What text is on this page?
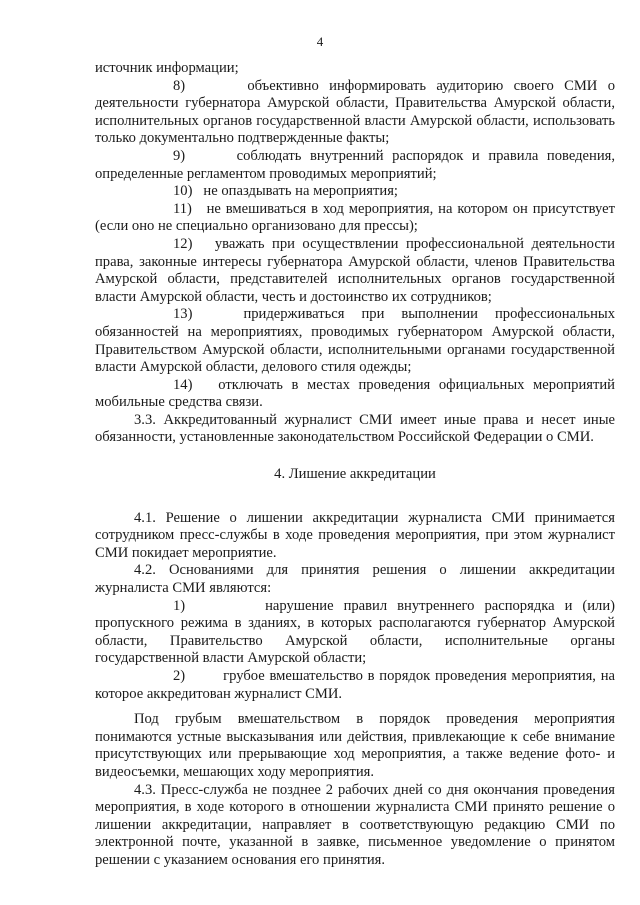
4

источник информации;

8)	объективно информировать аудиторию своего СМИ о деятельности губернатора Амурской области, Правительства Амурской области, исполнительных органов государственной власти Амурской области, использовать только документально подтвержденные факты;

9)	соблюдать внутренний распорядок и правила поведения, определенные регламентом проводимых мероприятий;

10) не опаздывать на мероприятия;

11) не вмешиваться в ход мероприятия, на котором он присутствует (если оно не специально организовано для прессы);

12) уважать при осуществлении профессиональной деятельности права, законные интересы губернатора Амурской области, членов Правительства Амурской области, представителей исполнительных органов государственной власти Амурской области, честь и достоинство их сотрудников;

13)	придерживаться при выполнении профессиональных обязанностей на мероприятиях, проводимых губернатором Амурской области, Правительством Амурской области, исполнительными органами государственной власти Амурской области, делового стиля одежды;

14) отключать в местах проведения официальных мероприятий мобильные средства связи.

3.3. Аккредитованный журналист СМИ имеет иные права и несет иные обязанности, установленные законодательством Российской Федерации о СМИ.

4. Лишение аккредитации

4.1. Решение о лишении аккредитации журналиста СМИ принимается сотрудником пресс-службы в ходе проведения мероприятия, при этом журналист СМИ покидает мероприятие.

4.2. Основаниями для принятия решения о лишении аккредитации журналиста СМИ являются:

1)	нарушение правил внутреннего распорядка и (или) пропускного режима в зданиях, в которых располагаются губернатор Амурской области, Правительство Амурской области, исполнительные органы государственной власти Амурской области;

2)	грубое вмешательство в порядок проведения мероприятия, на которое аккредитован журналист СМИ.

Под грубым вмешательством в порядок проведения мероприятия понимаются устные высказывания или действия, привлекающие к себе внимание присутствующих или прерывающие ход мероприятия, а также ведение фото- и видеосъемки, мешающих ходу мероприятия.

4.3. Пресс-служба не позднее 2 рабочих дней со дня окончания проведения мероприятия, в ходе которого в отношении журналиста СМИ принято решение о лишении аккредитации, направляет в соответствующую редакцию СМИ по электронной почте, указанной в заявке, письменное уведомление о принятом решении с указанием основания его принятия.
